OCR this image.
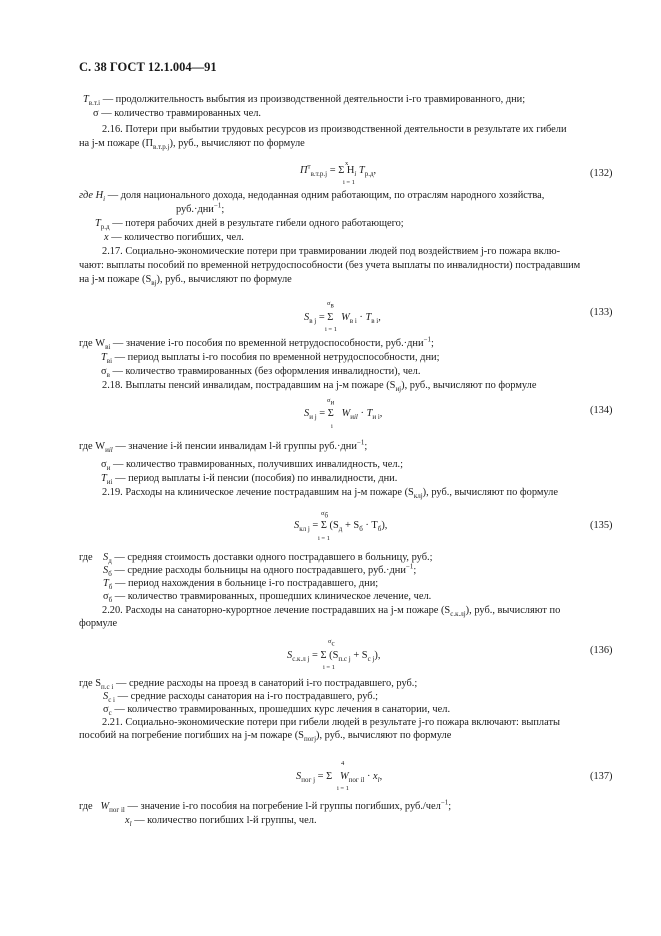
С. 38 ГОСТ 12.1.004—91
$T_{в.т.i}$ — продолжительность выбытия из производственной деятельности i-го травмированного, дни;
σ — количество травмированных чел.
2.16. Потери при выбытии трудовых ресурсов из производственной деятельности в результате их гибели
на j-м пожаре $(П_{в.т.р.j})$, руб., вычисляют по формуле
x
$П^т_{в.т.р.j} = \Sigma$ $H_i$ $T_{р.д}$,
i = 1
(132)
где $H_i$ — доля национального дохода, недоданная одним работающим, по отраслям народного хозяйства,
руб.·дни$^{-1}$;
$T_{р.д}$ — потеря рабочих дней в результате гибели одного работающего;
x — количество погибших, чел.
2.17. Социально-экономические потери при травмировании людей под воздействием j-го пожара вклю-
чают: выплаты пособий по временной нетрудоспособности (без учета выплаты по инвалидности) пострадавшим
на j-м пожаре $(S_{вj})$, руб., вычисляют по формуле
$\sigma_в$
$S_{в j} = \Sigma$ $W_{в i} \cdot T_{в i}$,
i = 1
(133)
где $W_{вi}$ — значение i-го пособия по временной нетрудоспособности, руб.·дни$^{-1}$;
$T_{вi}$ — период выплаты i-го пособия по временной нетрудоспособности, дни;
$\sigma_в$ — количество травмированных (без оформления инвалидности), чел.
2.18. Выплаты пенсий инвалидам, пострадавшим на j-м пожаре $(S_{иj})$, руб., вычисляют по формуле
$\sigma_и$
$S_{и j} = \Sigma$ $W_{иil} \cdot T_{и i}$,
i
(134)
где $W_{иil}$ — значение i-й пенсии инвалидам l-й группы руб.·дни$^{-1}$;
$\sigma_и$ — количество травмированных, получивших инвалидность, чел.;
$T_{иi}$ — период выплаты i-й пенсии (пособия) по инвалидности, дни.
2.19. Расходы на клиническое лечение пострадавшим на j-м пожаре $(S_{клj})$, руб., вычисляют по формуле
$\sigma_б$
$S_{кл j} = \Sigma$ $(S_д + S_б \cdot T_б)$,
i = 1
(135)
где $S_д$ — средняя стоимость доставки одного пострадавшего в больницу, руб.;
$S_б$ — средние расходы больницы на одного пострадавшего, руб.·дни$^{-1}$;
$T_б$ — период нахождения в больнице i-го пострадавшего, дни;
$\sigma_б$ — количество травмированных, прошедших клиническое лечение, чел.
2.20. Расходы на санаторно-курортное лечение пострадавших на j-м пожаре $(S_{с.к.лj})$, руб., вычисляют по
формуле
$\sigma_с$
$S_{с.к.л j} = \Sigma$ $(S_{п.с j} + S_{с j})$,
i = 1
(136)
где $S_{п.с i}$ — средние расходы на проезд в санаторий i-го пострадавшего, руб.;
$S_{с i}$ — средние расходы санатория на i-го пострадавшего, руб.;
$\sigma_с$ — количество травмированных, прошедших курс лечения в санатории, чел.
2.21. Социально-экономические потери при гибели людей в результате j-го пожара включают: выплаты
пособий на погребение погибших на j-м пожаре $(S_{погj})$, руб., вычисляют по формуле
4
$S_{пог j} = \Sigma$ $W_{пог il} \cdot x_l$,
i = 1
(137)
где $W_{пог il}$ — значение i-го пособия на погребение l-й группы погибших, руб./чел$^{-1}$;
$x_l$ — количество погибших l-й группы, чел.
